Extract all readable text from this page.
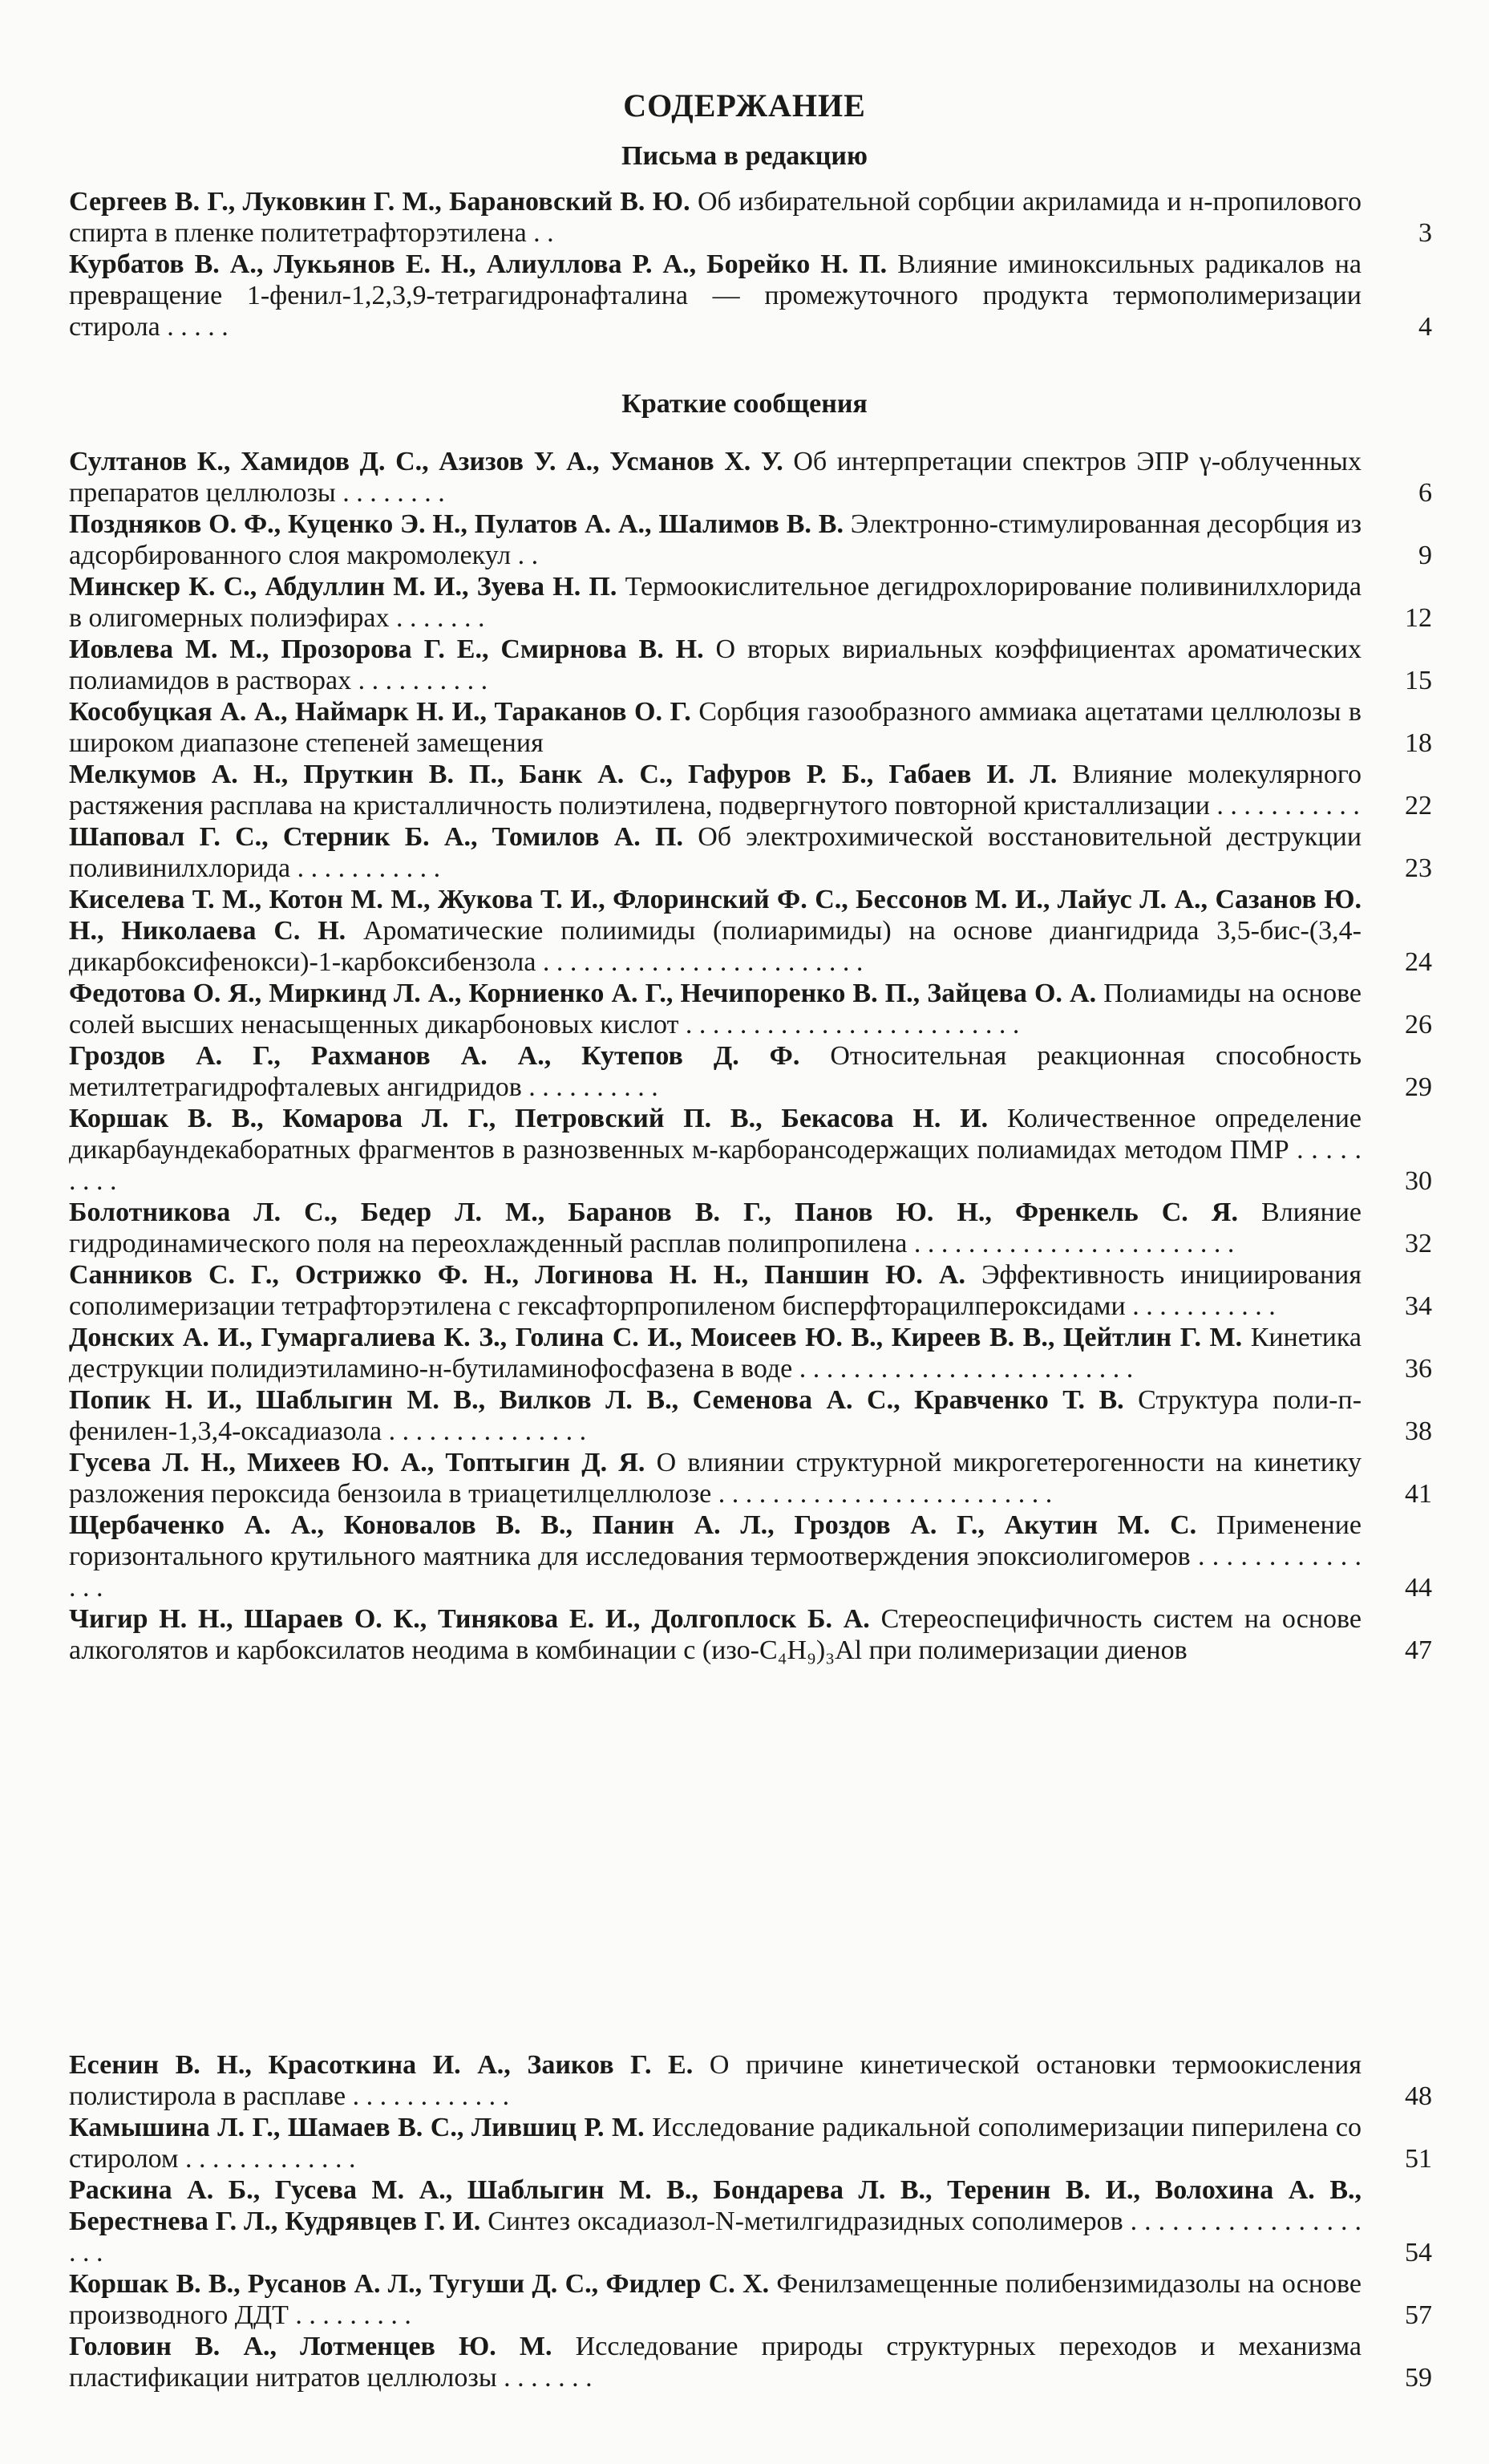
СОДЕРЖАНИЕ
Письма в редакцию
Сергеев В. Г., Луковкин Г. М., Барановский В. Ю. Об избирательной сорбции акриламида и н-пропилового спирта в пленке политетрафторэтилена . .	3
Курбатов В. А., Лукьянов Е. Н., Алиуллова Р. А., Борейко Н. П. Влияние иминоксильных радикалов на превращение 1-фенил-1,2,3,9-тетрагидронафталина — промежуточного продукта термополимеризации стирола . . . . .	4
Краткие сообщения
Султанов К., Хамидов Д. С., Азизов У. А., Усманов Х. У. Об интерпретации спектров ЭПР γ-облученных препаратов целлюлозы . . . . . . . .	6
Поздняков О. Ф., Куценко Э. Н., Пулатов А. А., Шалимов В. В. Электронно-стимулированная десорбция из адсорбированного слоя макромолекул . .	9
Минскер К. С., Абдуллин М. И., Зуева Н. П. Термоокислительное дегидрохлорирование поливинилхлорида в олигомерных полиэфирах . . . . . . .	12
Иовлева М. М., Прозорова Г. Е., Смирнова В. Н. О вторых вириальных коэффициентах ароматических полиамидов в растворах . . . . . . . . . .	15
Кособуцкая А. А., Наймарк Н. И., Тараканов О. Г. Сорбция газообразного аммиака ацетатами целлюлозы в широком диапазоне степеней замещения	18
Мелкумов А. Н., Пруткин В. П., Банк А. С., Гафуров Р. Б., Габаев И. Л. Влияние молекулярного растяжения расплава на кристалличность полиэтилена, подвергнутого повторной кристаллизации . . . . . . . . . . .	22
Шаповал Г. С., Стерник Б. А., Томилов А. П. Об электрохимической восстановительной деструкции поливинилхлорида . . . . . . . . . . .	23
Киселева Т. М., Котон М. М., Жукова Т. И., Флоринский Ф. С., Бессонов М. И., Лайус Л. А., Сазанов Ю. Н., Николаева С. Н. Ароматические полиимиды (полиаримиды) на основе диангидрида 3,5-бис-(3,4-дикарбоксифенокси)-1-карбоксибензола . . . . . . . . . . . . . . . . . . . . . . . .	24
Федотова О. Я., Миркинд Л. А., Корниенко А. Г., Нечипоренко В. П., Зайцева О. А. Полиамиды на основе солей высших ненасыщенных дикарбоновых кислот . . . . . . . . . . . . . . . . . . . . . . . . .	26
Гроздов А. Г., Рахманов А. А., Кутепов Д. Ф. Относительная реакционная способность метилтетрагидрофталевых ангидридов . . . . . . . . . .	29
Коршак В. В., Комарова Л. Г., Петровский П. В., Бекасова Н. И. Количественное определение дикарбаундекаборатных фрагментов в разнозвенных м-карборансодержащих полиамидах методом ПМР . . . . . . . . .	30
Болотникова Л. С., Бедер Л. М., Баранов В. Г., Панов Ю. Н., Френкель С. Я. Влияние гидродинамического поля на переохлажденный расплав полипропилена . . . . . . . . . . . . . . . . . . . . . . . .	32
Санников С. Г., Острижко Ф. Н., Логинова Н. Н., Паншин Ю. А. Эффективность инициирования сополимеризации тетрафторэтилена с гексафторпропиленом бисперфторацилпероксидами . . . . . . . . . . .	34
Донских А. И., Гумаргалиева К. З., Голина С. И., Моисеев Ю. В., Киреев В. В., Цейтлин Г. М. Кинетика деструкции полидиэтиламино-н-бутиламинофосфазена в воде . . . . . . . . . . . . . . . . . . . . . . . . .	36
Попик Н. И., Шаблыгин М. В., Вилков Л. В., Семенова А. С., Кравченко Т. В. Структура поли-п-фенилен-1,3,4-оксадиазола . . . . . . . . . . . . . . .	38
Гусева Л. Н., Михеев Ю. А., Топтыгин Д. Я. О влиянии структурной микрогетерогенности на кинетику разложения пероксида бензоила в триацетилцеллюлозе . . . . . . . . . . . . . . . . . . . . . . . . .	41
Щербаченко А. А., Коновалов В. В., Панин А. Л., Гроздов А. Г., Акутин М. С. Применение горизонтального крутильного маятника для исследования термоотверждения эпоксиолигомеров . . . . . . . . . . . . . . .	44
Чигир Н. Н., Шараев О. К., Тинякова Е. И., Долгоплоск Б. А. Стереоспецифичность систем на основе алкоголятов и карбоксилатов неодима в комбинации с (изо-C₄H₉)₃Al при полимеризации диенов	47
Есенин В. Н., Красоткина И. А., Заиков Г. Е. О причине кинетической остановки термоокисления полистирола в расплаве . . . . . . . . . . . .	48
Камышина Л. Г., Шамаев В. С., Лившиц Р. М. Исследование радикальной сополимеризации пиперилена со стиролом . . . . . . . . . . . . .	51
Раскина А. Б., Гусева М. А., Шаблыгин М. В., Бондарева Л. В., Теренин В. И., Волохина А. В., Берестнева Г. Л., Кудрявцев Г. И. Синтез оксадиазол-N-метилгидразидных сополимеров . . . . . . . . . . . . . . . . . . . .	54
Коршак В. В., Русанов А. Л., Тугуши Д. С., Фидлер С. Х. Фенилзамещенные полибензимидазолы на основе производного ДДТ . . . . . . . . .	57
Головин В. А., Лотменцев Ю. М. Исследование природы структурных переходов и механизма пластификации нитратов целлюлозы . . . . . . .	59
